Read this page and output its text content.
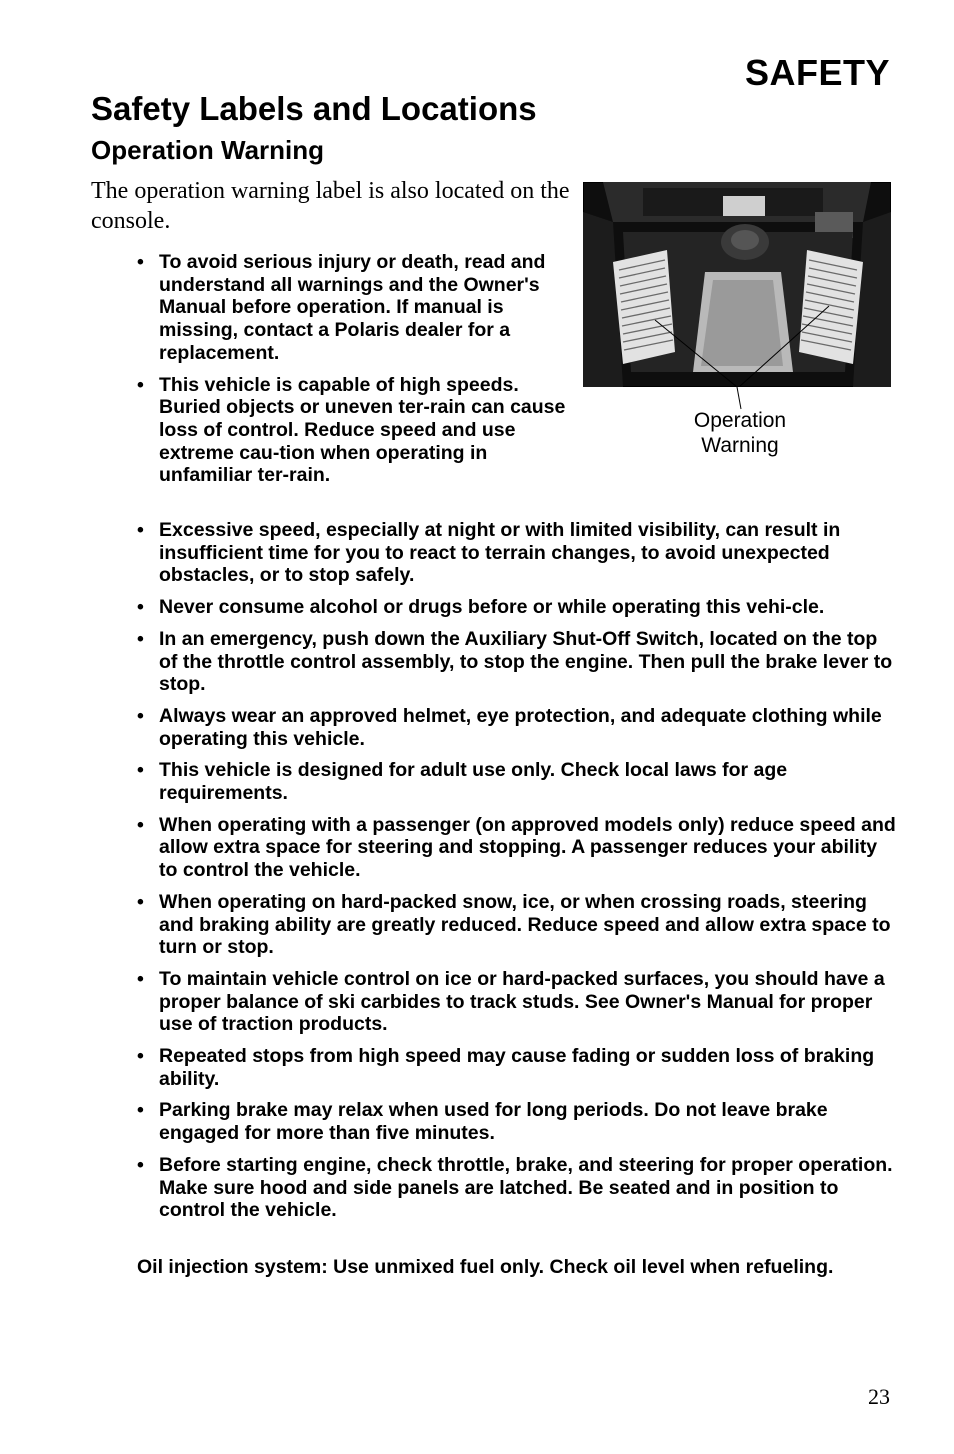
SAFETY
Safety Labels and Locations
Operation Warning

The operation warning label is also located on the console.

• To avoid serious injury or death, read and understand all warnings and the Owner's Manual before operation. If manual is missing, contact a Polaris dealer for a replacement.
• This vehicle is capable of high speeds. Buried objects or uneven ter-rain can cause loss of control. Reduce speed and use extreme cau-tion when operating in unfamiliar ter-rain.
Operation
Warning
• Excessive speed, especially at night or with limited visibility, can result in insufficient time for you to react to terrain changes, to avoid unexpected obstacles, or to stop safely.
• Never consume alcohol or drugs before or while operating this vehi-cle.
• In an emergency, push down the Auxiliary Shut-Off Switch, located on the top of the throttle control assembly, to stop the engine. Then pull the brake lever to stop.
• Always wear an approved helmet, eye protection, and adequate clothing while operating this vehicle.
• This vehicle is designed for adult use only. Check local laws for age requirements.
• When operating with a passenger (on approved models only) reduce speed and allow extra space for steering and stopping. A passenger reduces your ability to control the vehicle.
• When operating on hard-packed snow, ice, or when crossing roads, steering and braking ability are greatly reduced. Reduce speed and allow extra space to turn or stop.
• To maintain vehicle control on ice or hard-packed surfaces, you should have a proper balance of ski carbides to track studs. See Owner's Manual for proper use of traction products.
• Repeated stops from high speed may cause fading or sudden loss of braking ability.
• Parking brake may relax when used for long periods. Do not leave brake engaged for more than five minutes.
• Before starting engine, check throttle, brake, and steering for proper operation. Make sure hood and side panels are latched. Be seated and in position to control the vehicle.

Oil injection system: Use unmixed fuel only. Check oil level when refueling.

23
